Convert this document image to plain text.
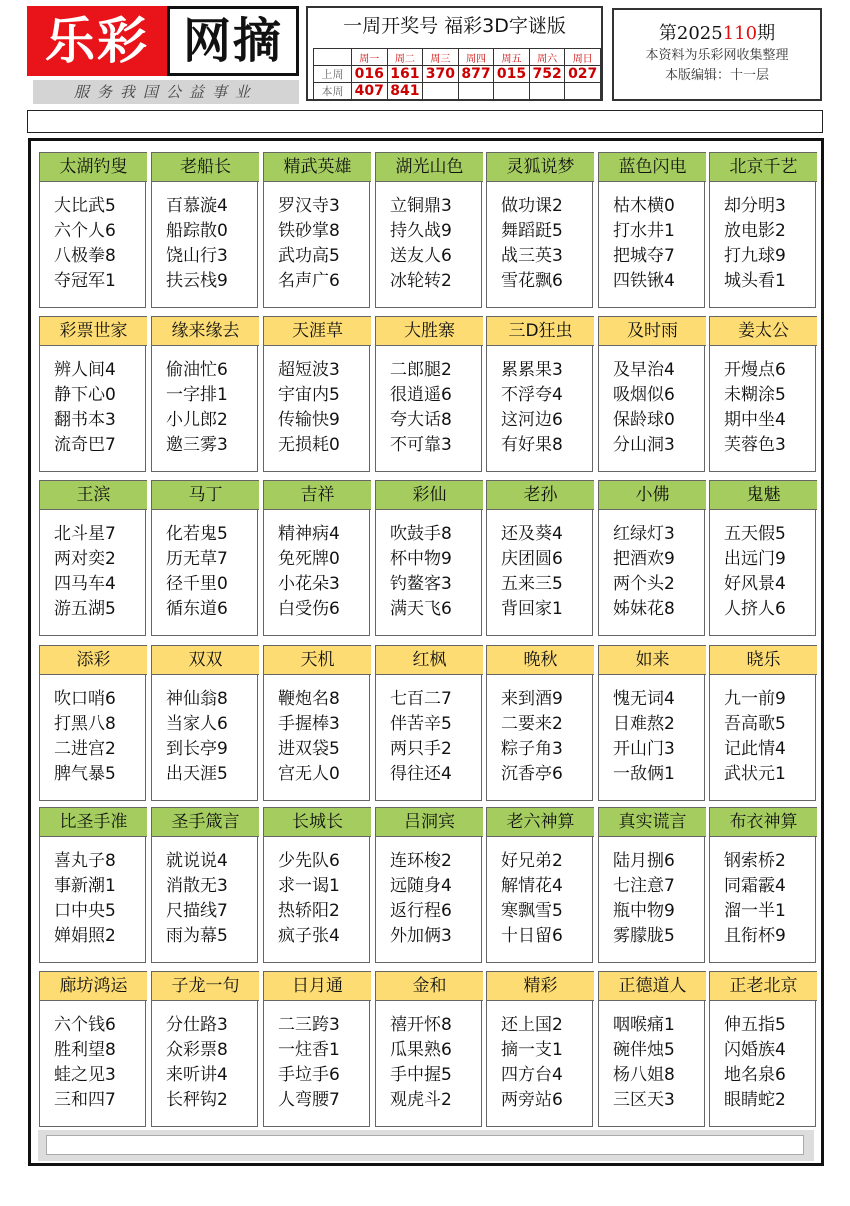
乐彩 网摘
服务我国公益事业
一周开奖号 福彩3D字谜版
	周一	周二	周三	周四	周五	周六	周日
上周	016	161	370	877	015	752	027
本周	407	841					
第2025110期
本资料为乐彩网收集整理
本版编辑：十一层
太湖钓叟
大比武5
六个人6
八极拳8
夺冠军1
老船长
百慕漩4
船踪散0
饶山行3
扶云栈9
精武英雄
罗汉寺3
铁砂掌8
武功高5
名声广6
湖光山色
立铜鼎3
持久战9
送友人6
冰轮转2
灵狐说梦
做功课2
舞蹈跹5
战三英3
雪花飘6
蓝色闪电
枯木横0
打水井1
把城夺7
四铁锹4
北京千艺
却分明3
放电影2
打九球9
城头看1
彩票世家
辨人间4
静下心0
翻书本3
流奇巴7
缘来缘去
偷油忙6
一字排1
小儿郎2
邀三雾3
天涯草
超短波3
宇宙内5
传输快9
无损耗0
大胜寨
二郎腿2
很逍遥6
夸大话8
不可靠3
三D狂虫
累累果3
不浮夸4
这河边6
有好果8
及时雨
及早治4
吸烟似6
保龄球0
分山洞3
姜太公
开熳点6
未糊涂5
期中坐4
芙蓉色3
王滨
北斗星7
两对奕2
四马车4
游五湖5
马丁
化若鬼5
历无草7
径千里0
循东道6
吉祥
精神病4
免死牌0
小花朵3
白受伤6
彩仙
吹鼓手8
杯中物9
钓鳌客3
满天飞6
老孙
还及葵4
庆团圆6
五来三5
背回家1
小佛
红绿灯3
把酒欢9
两个头2
姊妹花8
鬼魅
五天假5
出远门9
好风景4
人挤人6
添彩
吹口哨6
打黑八8
二进宫2
脾气暴5
双双
神仙翁8
当家人6
到长亭9
出天涯5
天机
鞭炮名8
手握棒3
进双袋5
宫无人0
红枫
七百二7
伴苦辛5
两只手2
得往还4
晚秋
来到酒9
二要来2
粽子角3
沉香亭6
如来
愧无词4
日难熬2
开山门3
一敌俩1
晓乐
九一前9
吾高歌5
记此情4
武状元1
比圣手准
喜丸子8
事新潮1
口中央5
婵娟照2
圣手箴言
就说说4
消散无3
尺描线7
雨为幕5
长城长
少先队6
求一谒1
热轿阳2
疯子张4
吕洞宾
连环梭2
远随身4
返行程6
外加俩3
老六神算
好兄弟2
解情花4
寒飘雪5
十日留6
真实谎言
陆月捌6
七注意7
瓶中物9
雾朦胧5
布衣神算
钢索桥2
同霜霰4
溜一半1
且衔杯9
廊坊鸿运
六个钱6
胜利望8
蛙之见3
三和四7
子龙一句
分仕路3
众彩票8
来听讲4
长秤钩2
日月通
二三跨3
一炷香1
手垃手6
人弯腰7
金和
禧开怀8
瓜果熟6
手中握5
观虎斗2
精彩
还上国2
摘一支1
四方台4
两旁站6
正德道人
咽喉痛1
碗伴烛5
杨八姐8
三区天3
正老北京
伸五指5
闪婚族4
地名泉6
眼睛蛇2
